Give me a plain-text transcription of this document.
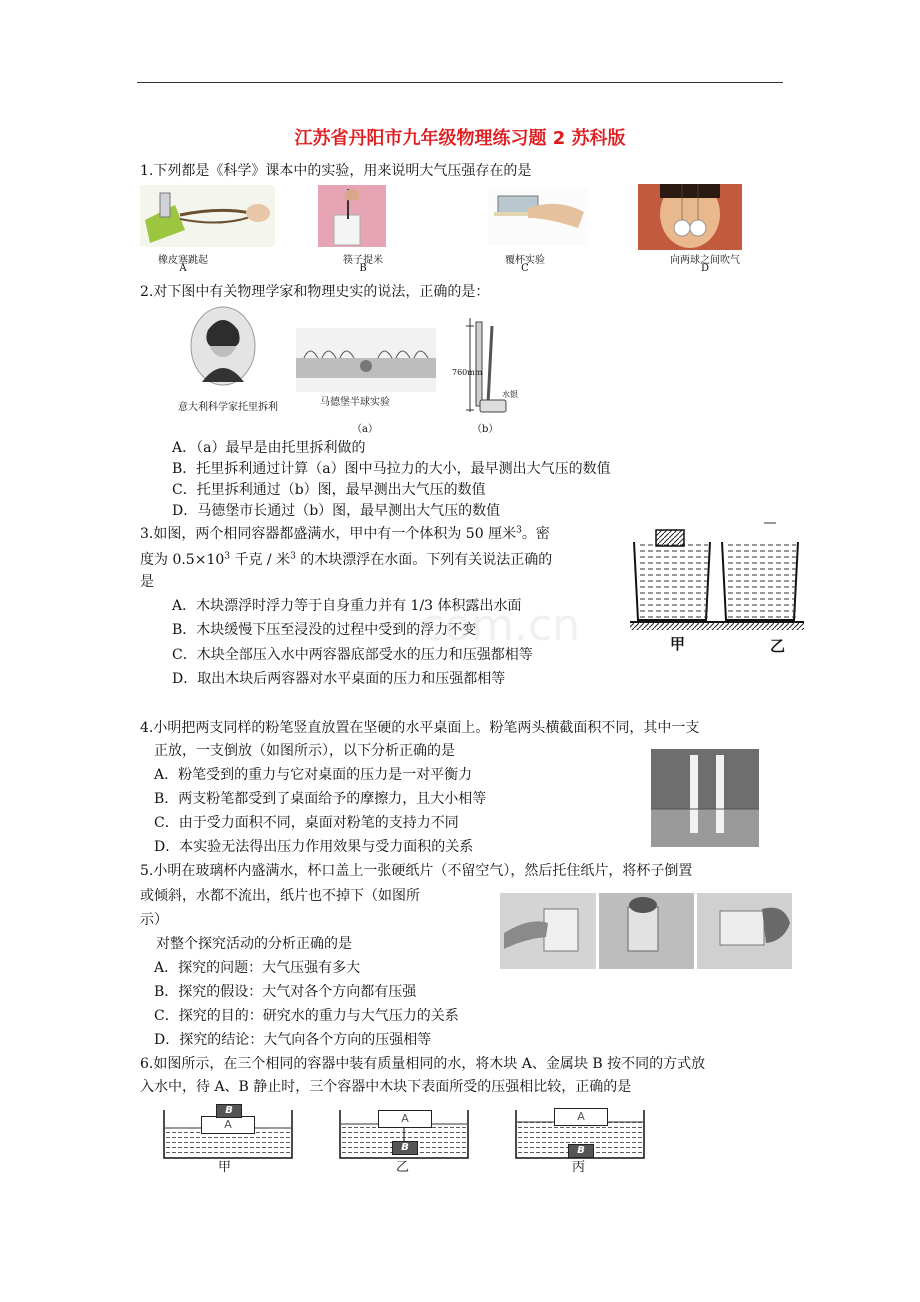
江苏省丹阳市九年级物理练习题 2 苏科版
1.下列都是《科学》课本中的实验，用来说明大气压强存在的是
橡皮塞跳起
A
筷子提米
B
覆杯实验
C
向两球之间吹气
D
2.对下图中有关物理学家和物理史实的说法，正确的是：
意大利科学家托里拆利	马德堡半球实验
（a）
760mm
水银
（b）
A．（a）最早是由托里拆利做的
B．托里拆利通过计算（a）图中马拉力的大小，最早测出大气压的数值
C．托里拆利通过（b）图，最早测出大气压的数值
D．马德堡市长通过（b）图，最早测出大气压的数值
3.如图，两个相同容器都盛满水，甲中有一个体积为 50 厘米$^3$。密
度为 $0.5\times 10^3$ 千克 / 米$^3$ 的木块漂浮在水面。下列有关说法正确的
是
A．木块漂浮时浮力等于自身重力并有 1/3 体积露出水面
B．木块缓慢下压至浸没的过程中受到的浮力不变
C．木块全部压入水中两容器底部受水的压力和压强都相等
D．取出木块后两容器对水平桌面的压力和压强都相等
甲	乙
4.小明把两支同样的粉笔竖直放置在坚硬的水平桌面上。粉笔两头横截面积不同，其中一支
正放，一支倒放（如图所示），以下分析正确的是
A．粉笔受到的重力与它对桌面的压力是一对平衡力
B．两支粉笔都受到了桌面给予的摩擦力，且大小相等
C．由于受力面积不同，桌面对粉笔的支持力不同
D．本实验无法得出压力作用效果与受力面积的关系
5.小明在玻璃杯内盛满水，杯口盖上一张硬纸片（不留空气），然后托住纸片，将杯子倒置
或倾斜，水都不流出，纸片也不掉下（如图所
示）
对整个探究活动的分析正确的是
A．探究的问题：大气压强有多大
B．探究的假设：大气对各个方向都有压强
C．探究的目的：研究水的重力与大气压力的关系
D．探究的结论：大气向各个方向的压强相等
6.如图所示，在三个相同的容器中装有质量相同的水，将木块 A、金属块 B 按不同的方式放
入水中，待 A、B 静止时，三个容器中木块下表面所受的压强相比较，正确的是
A
B
甲
A
B
乙
A
B
丙
com.cn
